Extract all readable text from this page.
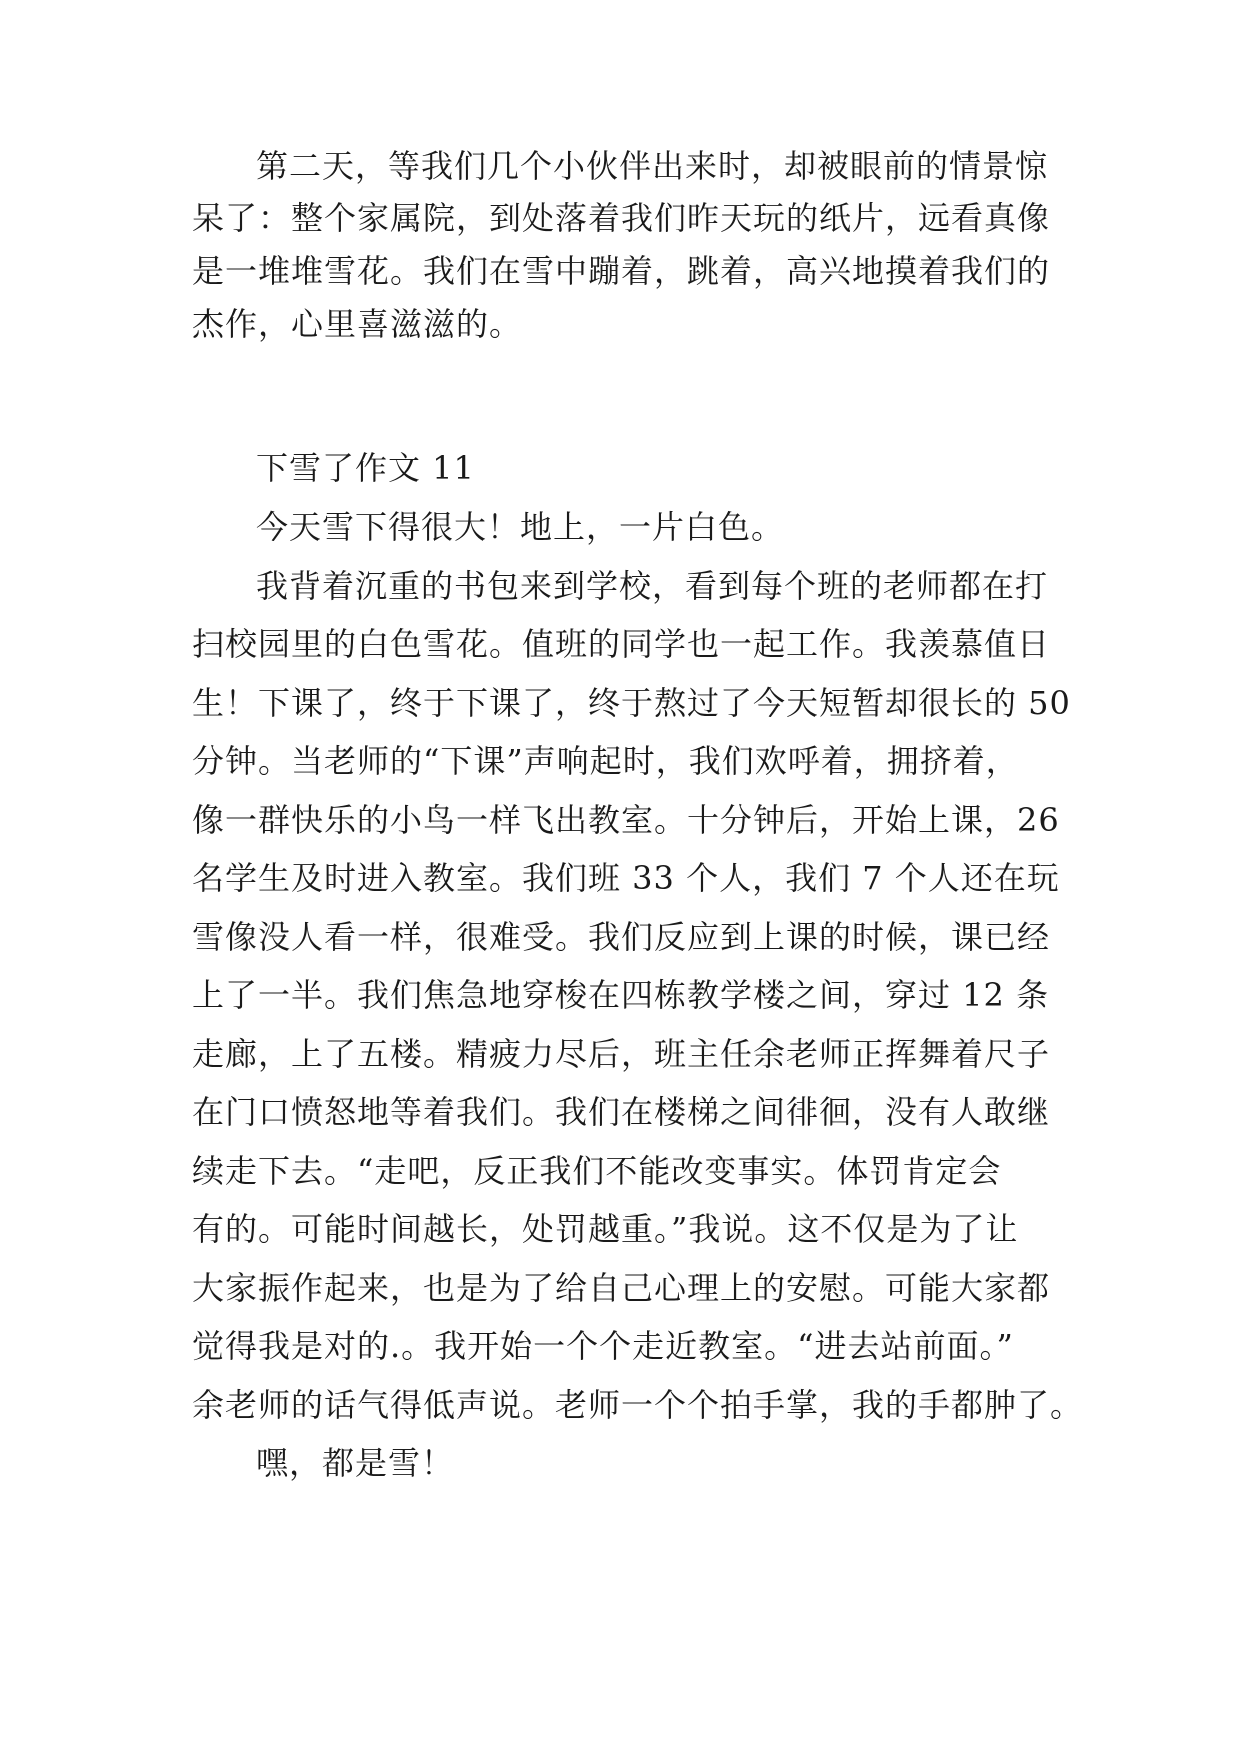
第二天，等我们几个小伙伴出来时，却被眼前的情景惊
呆了：整个家属院，到处落着我们昨天玩的纸片，远看真像
是一堆堆雪花。我们在雪中蹦着，跳着，高兴地摸着我们的
杰作，心里喜滋滋的。
下雪了作文 11
今天雪下得很大！地上，一片白色。
我背着沉重的书包来到学校，看到每个班的老师都在打
扫校园里的白色雪花。值班的同学也一起工作。我羡慕值日
生！下课了，终于下课了，终于熬过了今天短暂却很长的 50
分钟。当老师的“下课”声响起时，我们欢呼着，拥挤着，
像一群快乐的小鸟一样飞出教室。十分钟后，开始上课，26
名学生及时进入教室。我们班 33 个人，我们 7 个人还在玩
雪像没人看一样，很难受。我们反应到上课的时候，课已经
上了一半。我们焦急地穿梭在四栋教学楼之间，穿过 12 条
走廊，上了五楼。精疲力尽后，班主任余老师正挥舞着尺子
在门口愤怒地等着我们。我们在楼梯之间徘徊，没有人敢继
续走下去。“走吧，反正我们不能改变事实。体罚肯定会
有的。可能时间越长，处罚越重。”我说。这不仅是为了让
大家振作起来，也是为了给自己心理上的安慰。可能大家都
觉得我是对的.。我开始一个个走近教室。“进去站前面。”
余老师的话气得低声说。老师一个个拍手掌，我的手都肿了。
嘿，都是雪！
